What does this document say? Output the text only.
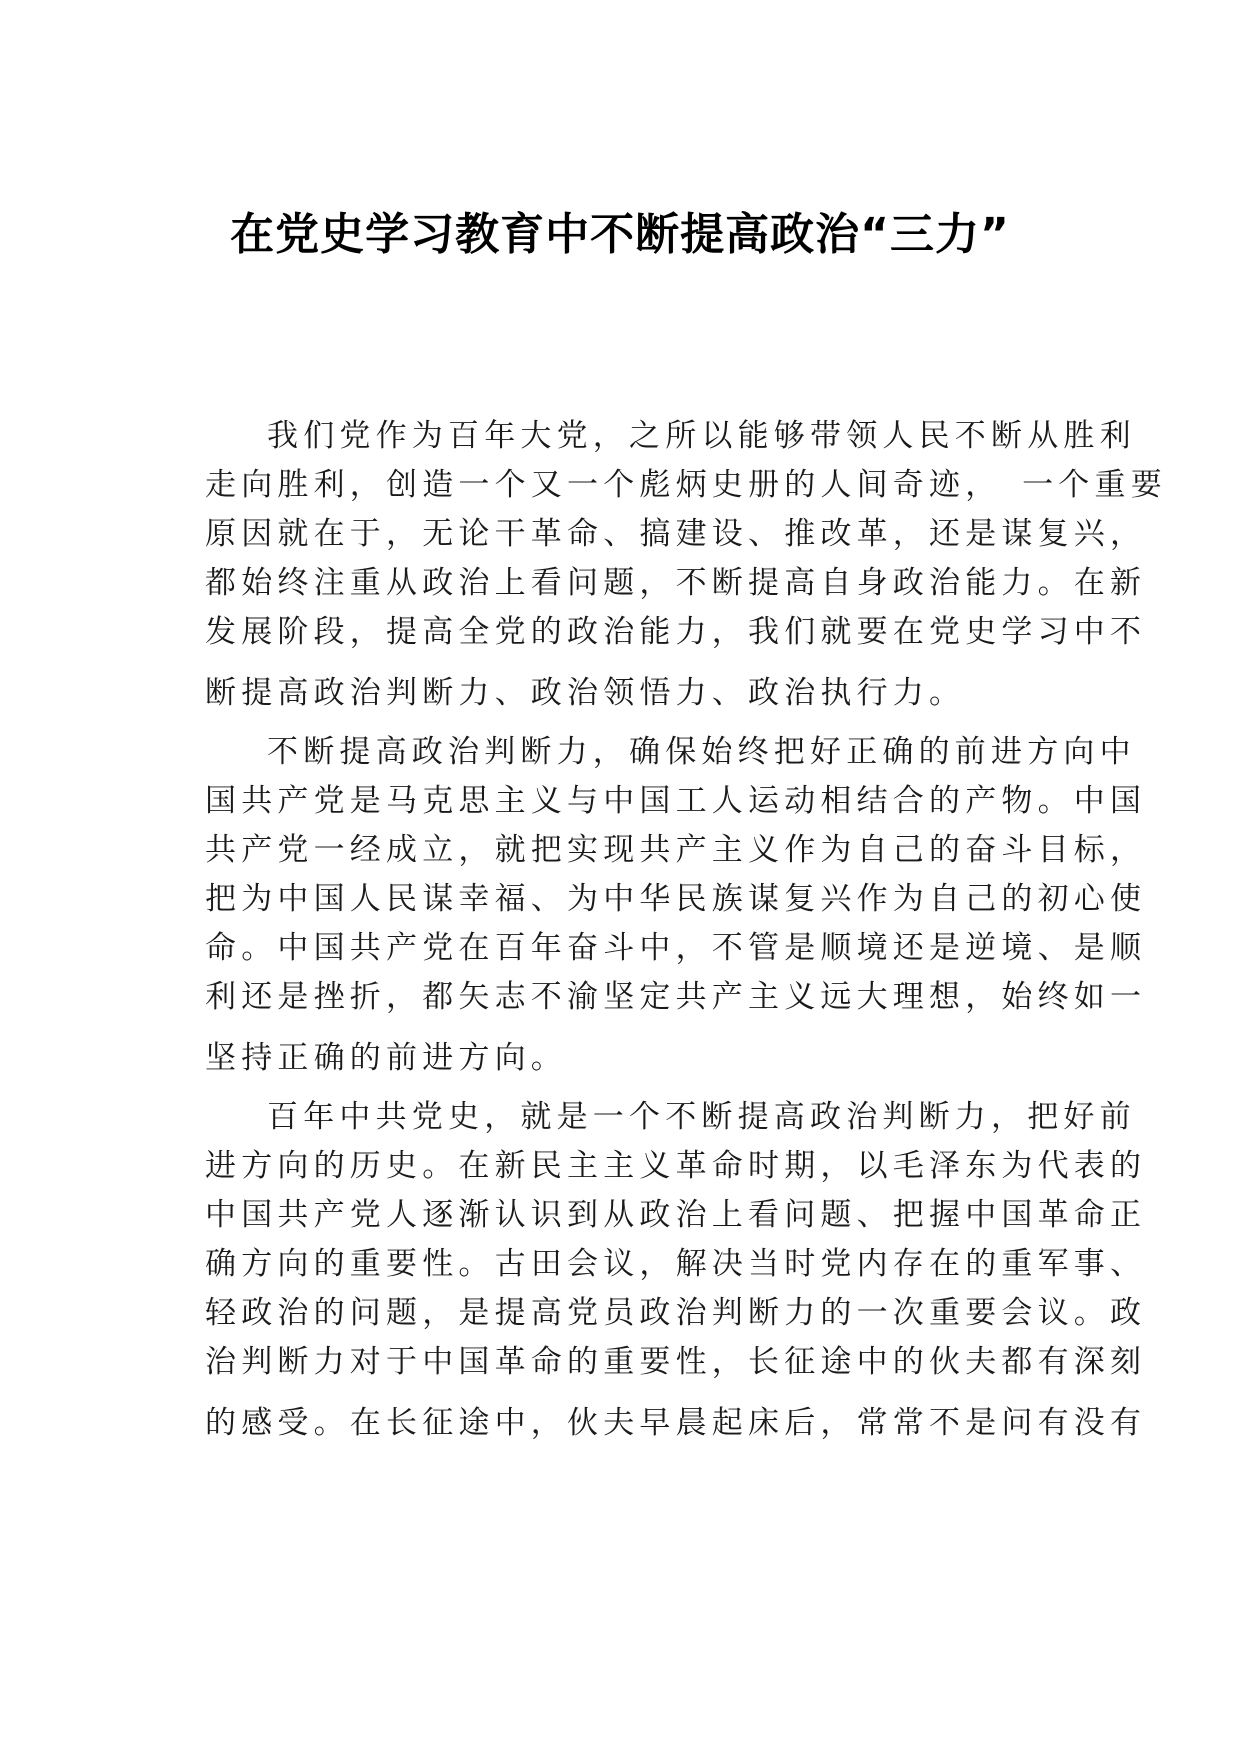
在党史学习教育中不断提高政治“三力”

我们党作为百年大党，之所以能够带领人民不断从胜利
走向胜利，创造一个又一个彪炳史册的人间奇迹，　一个重要
原因就在于，无论干革命、搞建设、推改革，还是谋复兴，
都始终注重从政治上看问题，不断提高自身政治能力。在新
发展阶段，提高全党的政治能力，我们就要在党史学习中不
断提高政治判断力、政治领悟力、政治执行力。

不断提高政治判断力，确保始终把好正确的前进方向中
国共产党是马克思主义与中国工人运动相结合的产物。中国
共产党一经成立，就把实现共产主义作为自己的奋斗目标，
把为中国人民谋幸福、为中华民族谋复兴作为自己的初心使
命。中国共产党在百年奋斗中，不管是顺境还是逆境、是顺
利还是挫折，都矢志不渝坚定共产主义远大理想，始终如一
坚持正确的前进方向。

百年中共党史，就是一个不断提高政治判断力，把好前
进方向的历史。在新民主主义革命时期，以毛泽东为代表的
中国共产党人逐渐认识到从政治上看问题、把握中国革命正
确方向的重要性。古田会议，解决当时党内存在的重军事、
轻政治的问题，是提高党员政治判断力的一次重要会议。政
治判断力对于中国革命的重要性，长征途中的伙夫都有深刻
的感受。在长征途中，伙夫早晨起床后，常常不是问有没有
